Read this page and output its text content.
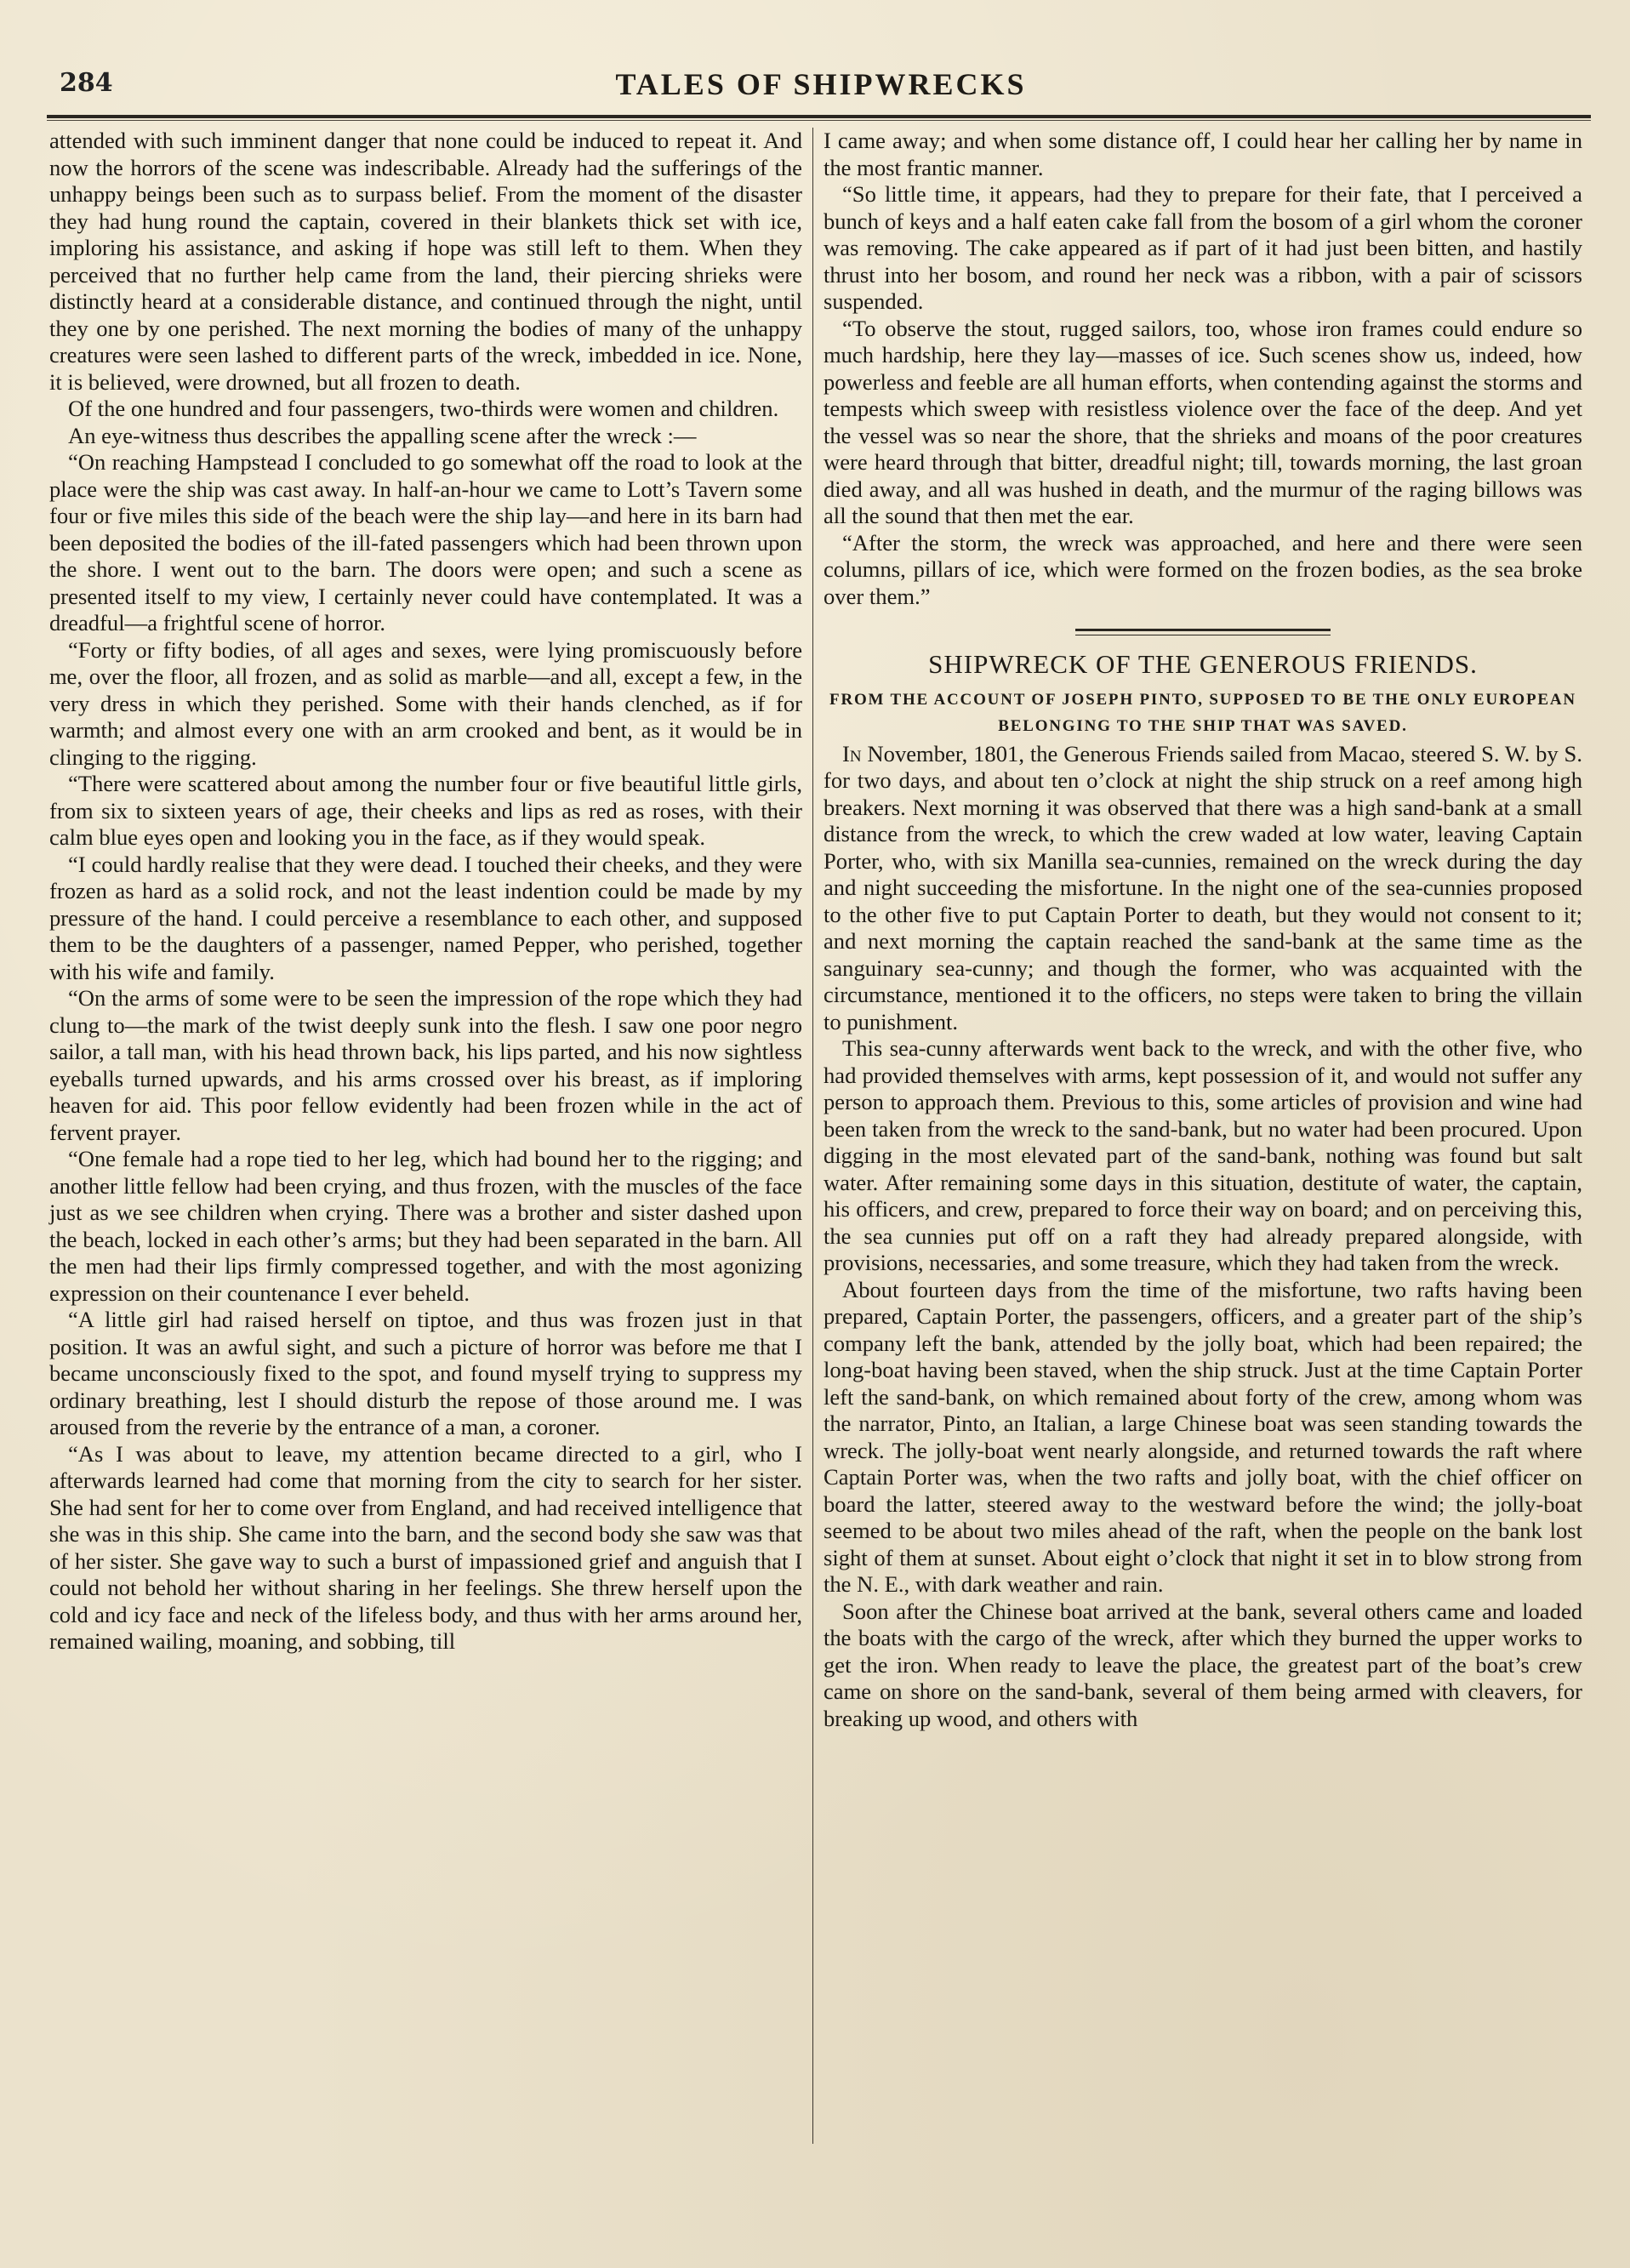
284	TALES OF SHIPWRECKS

attended with such imminent danger that none could be induced to repeat it. And now the horrors of the scene was indescribable. Already had the sufferings of the unhappy beings been such as to surpass belief. From the moment of the disaster they had hung round the captain, covered in their blankets thick set with ice, imploring his assistance, and asking if hope was still left to them. When they perceived that no further help came from the land, their piercing shrieks were distinctly heard at a considerable distance, and continued through the night, until they one by one perished. The next morning the bodies of many of the unhappy creatures were seen lashed to different parts of the wreck, imbedded in ice. None, it is believed, were drowned, but all frozen to death.

Of the one hundred and four passengers, two-thirds were women and children.

An eye-witness thus describes the appalling scene after the wreck :—

“On reaching Hampstead I concluded to go somewhat off the road to look at the place were the ship was cast away. In half-an-hour we came to Lott’s Tavern some four or five miles this side of the beach were the ship lay—and here in its barn had been deposited the bodies of the ill-fated passengers which had been thrown upon the shore. I went out to the barn. The doors were open; and such a scene as presented itself to my view, I certainly never could have contemplated. It was a dreadful—a frightful scene of horror.

“Forty or fifty bodies, of all ages and sexes, were lying promiscuously before me, over the floor, all frozen, and as solid as marble—and all, except a few, in the very dress in which they perished. Some with their hands clenched, as if for warmth; and almost every one with an arm crooked and bent, as it would be in clinging to the rigging.

“There were scattered about among the number four or five beautiful little girls, from six to sixteen years of age, their cheeks and lips as red as roses, with their calm blue eyes open and looking you in the face, as if they would speak.

“I could hardly realise that they were dead. I touched their cheeks, and they were frozen as hard as a solid rock, and not the least indention could be made by my pressure of the hand. I could perceive a resemblance to each other, and supposed them to be the daughters of a passenger, named Pepper, who perished, together with his wife and family.

“On the arms of some were to be seen the impression of the rope which they had clung to—the mark of the twist deeply sunk into the flesh. I saw one poor negro sailor, a tall man, with his head thrown back, his lips parted, and his now sightless eyeballs turned upwards, and his arms crossed over his breast, as if imploring heaven for aid. This poor fellow evidently had been frozen while in the act of fervent prayer.

“One female had a rope tied to her leg, which had bound her to the rigging; and another little fellow had been crying, and thus frozen, with the muscles of the face just as we see children when crying. There was a brother and sister dashed upon the beach, locked in each other’s arms; but they had been separated in the barn. All the men had their lips firmly compressed together, and with the most agonizing expression on their countenance I ever beheld.

“A little girl had raised herself on tiptoe, and thus was frozen just in that position. It was an awful sight, and such a picture of horror was before me that I became unconsciously fixed to the spot, and found myself trying to suppress my ordinary breathing, lest I should disturb the repose of those around me. I was aroused from the reverie by the entrance of a man, a coroner.

“As I was about to leave, my attention became directed to a girl, who I afterwards learned had come that morning from the city to search for her sister. She had sent for her to come over from England, and had received intelligence that she was in this ship. She came into the barn, and the second body she saw was that of her sister. She gave way to such a burst of impassioned grief and anguish that I could not behold her without sharing in her feelings. She threw herself upon the cold and icy face and neck of the lifeless body, and thus with her arms around her, remained wailing, moaning, and sobbing, till

I came away; and when some distance off, I could hear her calling her by name in the most frantic manner.

“So little time, it appears, had they to prepare for their fate, that I perceived a bunch of keys and a half eaten cake fall from the bosom of a girl whom the coroner was removing. The cake appeared as if part of it had just been bitten, and hastily thrust into her bosom, and round her neck was a ribbon, with a pair of scissors suspended.

“To observe the stout, rugged sailors, too, whose iron frames could endure so much hardship, here they lay—masses of ice. Such scenes show us, indeed, how powerless and feeble are all human efforts, when contending against the storms and tempests which sweep with resistless violence over the face of the deep. And yet the vessel was so near the shore, that the shrieks and moans of the poor creatures were heard through that bitter, dreadful night; till, towards morning, the last groan died away, and all was hushed in death, and the murmur of the raging billows was all the sound that then met the ear.

“After the storm, the wreck was approached, and here and there were seen columns, pillars of ice, which were formed on the frozen bodies, as the sea broke over them.”

SHIPWRECK OF THE GENEROUS FRIENDS.
FROM THE ACCOUNT OF JOSEPH PINTO, SUPPOSED TO BE THE ONLY EUROPEAN BELONGING TO THE SHIP THAT WAS SAVED.

In November, 1801, the Generous Friends sailed from Macao, steered S. W. by S. for two days, and about ten o’clock at night the ship struck on a reef among high breakers. Next morning it was observed that there was a high sand-bank at a small distance from the wreck, to which the crew waded at low water, leaving Captain Porter, who, with six Manilla sea-cunnies, remained on the wreck during the day and night succeeding the misfortune. In the night one of the sea-cunnies proposed to the other five to put Captain Porter to death, but they would not consent to it; and next morning the captain reached the sand-bank at the same time as the sanguinary sea-cunny; and though the former, who was acquainted with the circumstance, mentioned it to the officers, no steps were taken to bring the villain to punishment.

This sea-cunny afterwards went back to the wreck, and with the other five, who had provided themselves with arms, kept possession of it, and would not suffer any person to approach them. Previous to this, some articles of provision and wine had been taken from the wreck to the sand-bank, but no water had been procured. Upon digging in the most elevated part of the sand-bank, nothing was found but salt water. After remaining some days in this situation, destitute of water, the captain, his officers, and crew, prepared to force their way on board; and on perceiving this, the sea cunnies put off on a raft they had already prepared alongside, with provisions, necessaries, and some treasure, which they had taken from the wreck.

About fourteen days from the time of the misfortune, two rafts having been prepared, Captain Porter, the passengers, officers, and a greater part of the ship’s company left the bank, attended by the jolly boat, which had been repaired; the long-boat having been staved, when the ship struck. Just at the time Captain Porter left the sand-bank, on which remained about forty of the crew, among whom was the narrator, Pinto, an Italian, a large Chinese boat was seen standing towards the wreck. The jolly-boat went nearly alongside, and returned towards the raft where Captain Porter was, when the two rafts and jolly boat, with the chief officer on board the latter, steered away to the westward before the wind; the jolly-boat seemed to be about two miles ahead of the raft, when the people on the bank lost sight of them at sunset. About eight o’clock that night it set in to blow strong from the N. E., with dark weather and rain.

Soon after the Chinese boat arrived at the bank, several others came and loaded the boats with the cargo of the wreck, after which they burned the upper works to get the iron. When ready to leave the place, the greatest part of the boat’s crew came on shore on the sand-bank, several of them being armed with cleavers, for breaking up wood, and others with
